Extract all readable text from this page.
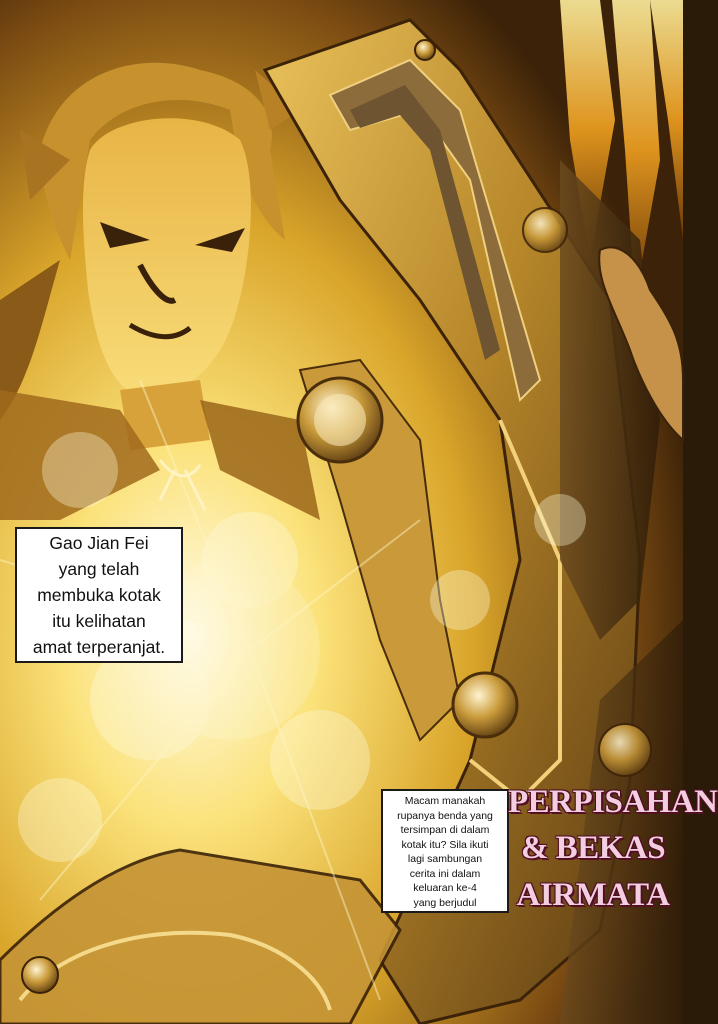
Gao Jian Fei

yang telah

membuka kotak

itu kelihatan

amat terperanjat.

Macam manakah

rupanya benda yang

tersimpan di dalam

kotak itu? Sila ikuti

lagi sambungan

cerita ini dalam

keluaran ke-4

yang berjudul

PERPISAHAN

& BEKAS

AIRMATA
